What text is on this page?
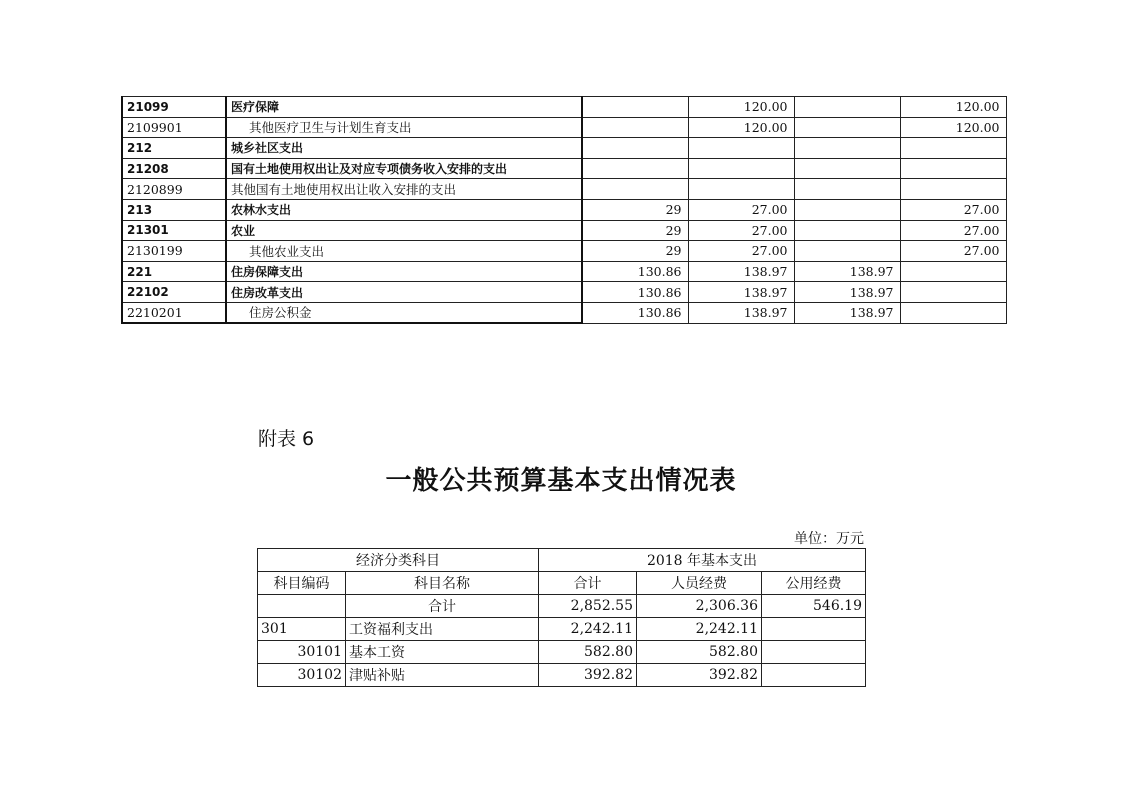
21099	医疗保障		120.00		120.00
2109901	其他医疗卫生与计划生育支出		120.00		120.00
212	城乡社区支出				
21208	国有土地使用权出让及对应专项债务收入安排的支出				
2120899	其他国有土地使用权出让收入安排的支出				
213	农林水支出	29	27.00		27.00
21301	农业	29	27.00		27.00
2130199	其他农业支出	29	27.00		27.00
221	住房保障支出	130.86	138.97	138.97	
22102	住房改革支出	130.86	138.97	138.97	
2210201	住房公积金	130.86	138.97	138.97	
附表 6
一般公共预算基本支出情况表
单位：万元
经济分类科目		2018 年基本支出		
科目编码	科目名称	合计	人员经费	公用经费
	合计	2,852.55	2,306.36	546.19
301	工资福利支出	2,242.11	2,242.11	
30101	基本工资	582.80	582.80	
30102	津贴补贴	392.82	392.82	
